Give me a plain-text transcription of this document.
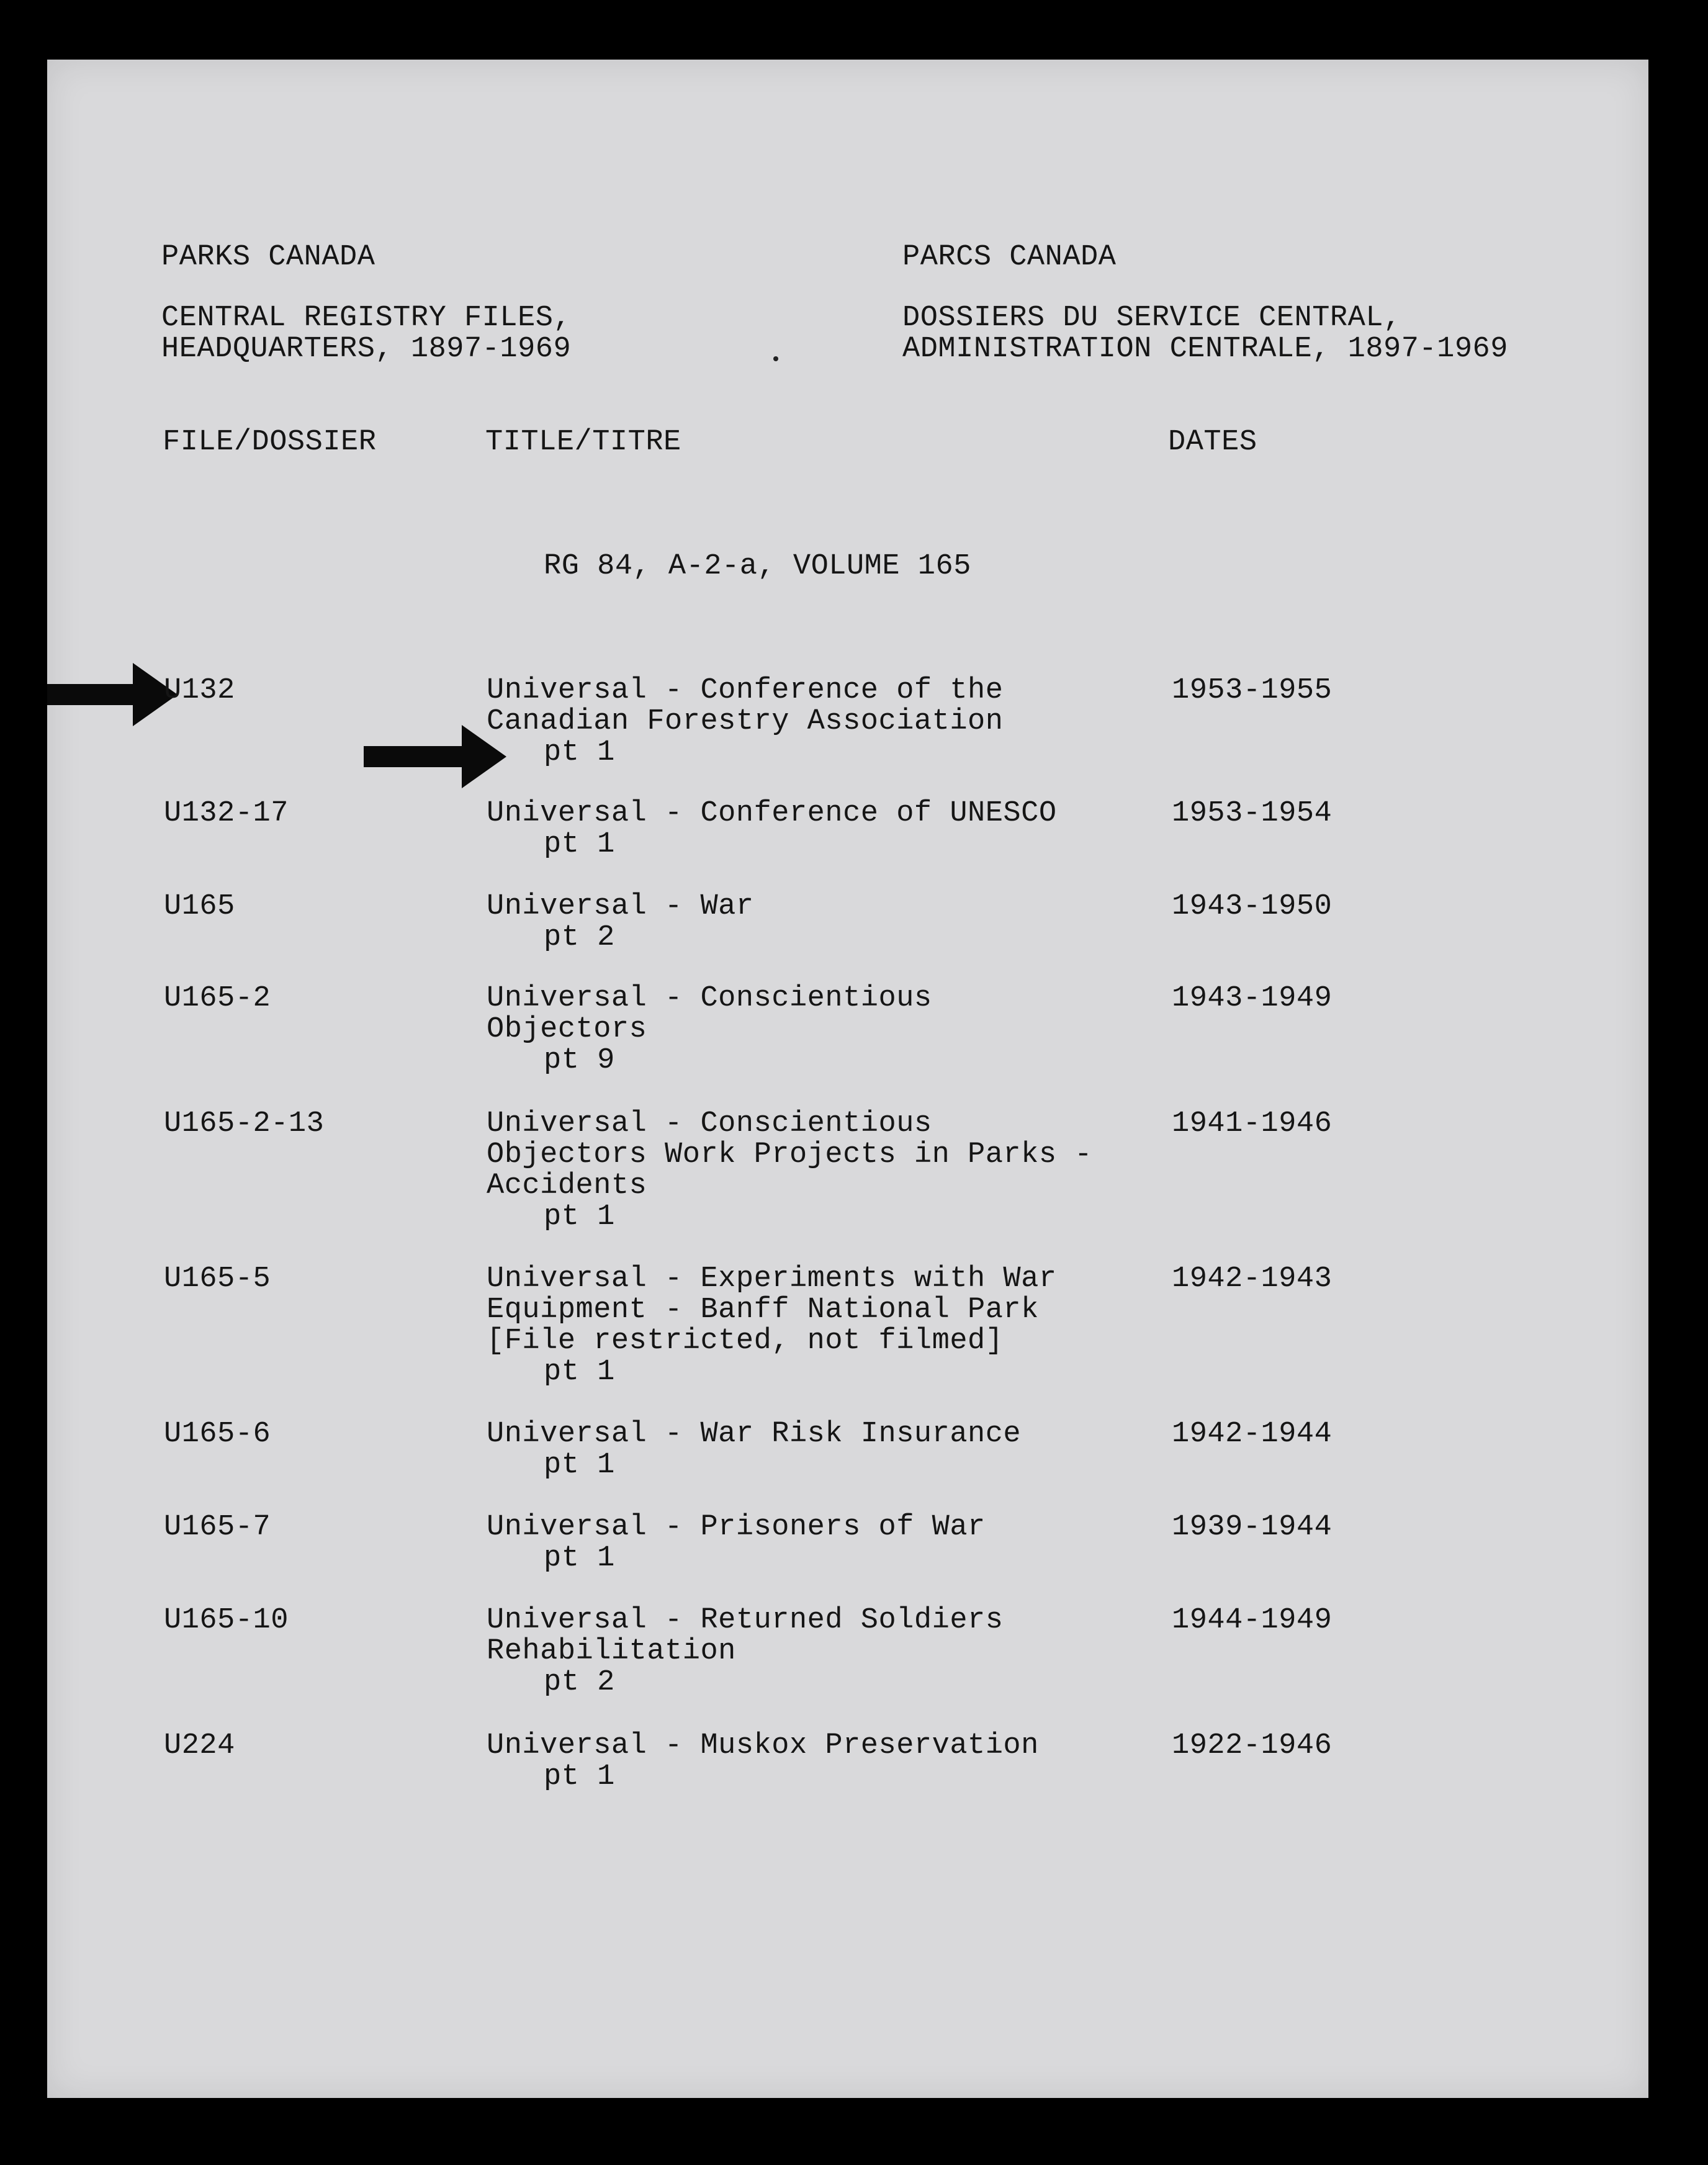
PARKS CANADA
CENTRAL REGISTRY FILES,
HEADQUARTERS, 1897-1969
PARCS CANADA
DOSSIERS DU SERVICE CENTRAL,
ADMINISTRATION CENTRALE, 1897-1969
FILE/DOSSIER	TITLE/TITRE	DATES
RG 84, A-2-a, VOLUME 165
U132	Universal - Conference of the
Canadian Forestry Association
pt 1
1953-1955
U132-17	Universal - Conference of UNESCO
pt 1
1953-1954
U165	Universal - War
pt 2
1943-1950
U165-2	Universal - Conscientious
Objectors
pt 9
1943-1949
U165-2-13	Universal - Conscientious
Objectors Work Projects in Parks -
Accidents
pt 1
1941-1946
U165-5	Universal - Experiments with War
Equipment - Banff National Park
[File restricted, not filmed]
pt 1
1942-1943
U165-6	Universal - War Risk Insurance
pt 1
1942-1944
U165-7	Universal - Prisoners of War
pt 1
1939-1944
U165-10	Universal - Returned Soldiers
Rehabilitation
pt 2
1944-1949
U224	Universal - Muskox Preservation
pt 1
1922-1946
